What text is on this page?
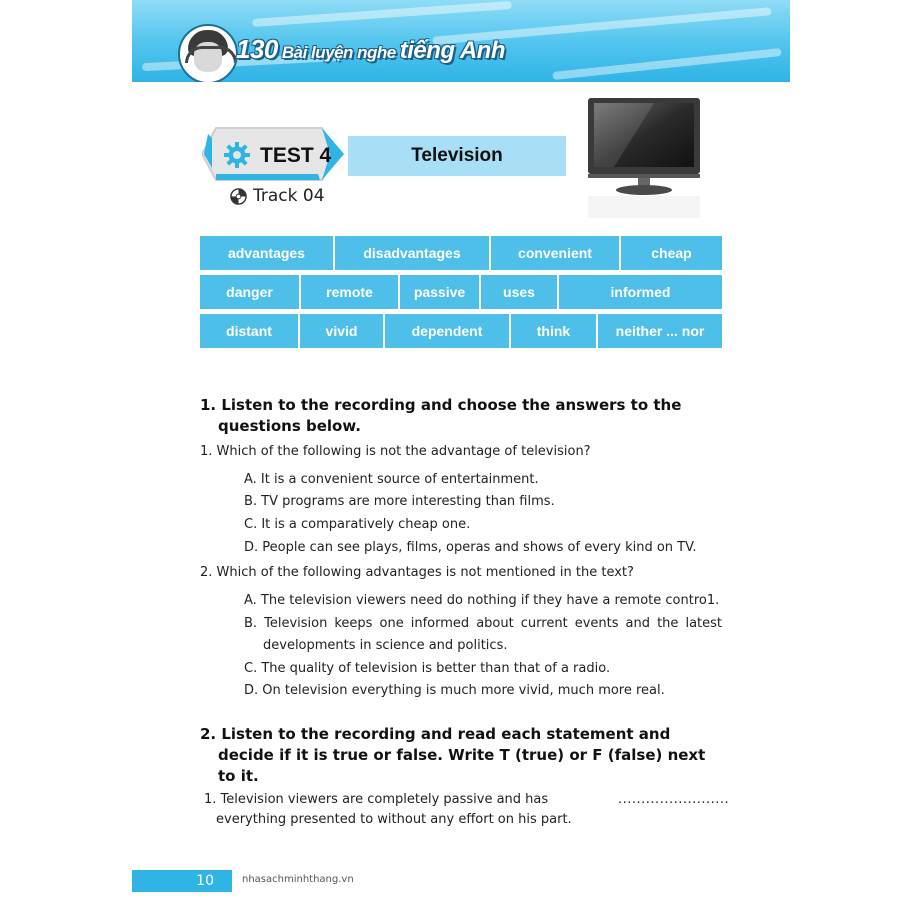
130 Bài luyện nghe tiếng Anh
TEST 4	Television
Track 04
advantages	disadvantages	convenient	cheap
danger	remote	passive	uses	informed
distant	vivid	dependent	think	neither ... nor
1. Listen to the recording and choose the answers to the questions below.
1. Which of the following is not the advantage of television?
A. It is a convenient source of entertainment.
B. TV programs are more interesting than films.
C. It is a comparatively cheap one.
D. People can see plays, films, operas and shows of every kind on TV.
2. Which of the following advantages is not mentioned in the text?
A. The television viewers need do nothing if they have a remote contro1.
B. Television keeps one informed about current events and the latest developments in science and politics.
C. The quality of television is better than that of a radio.
D. On television everything is much more vivid, much more real.
2. Listen to the recording and read each statement and decide if it is true or false. Write T (true) or F (false) next to it.
1. Television viewers are completely passive and has everything presented to without any effort on his part.
........................
10	nhasachminhthang.vn
